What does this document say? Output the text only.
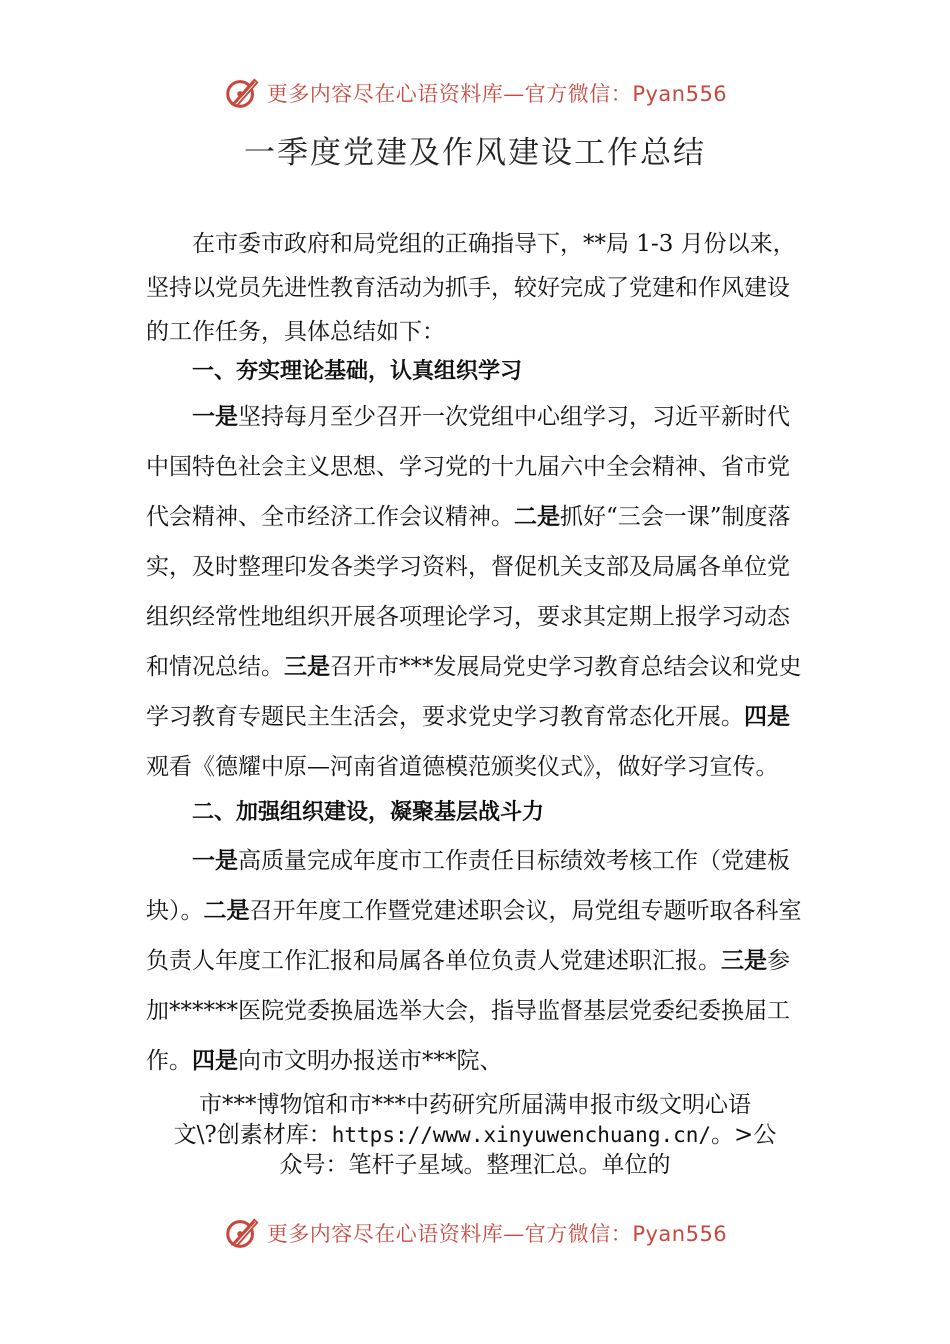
更多内容尽在心语资料库—官方微信：Pyan556
一季度党建及作风建设工作总结

在市委市政府和局党组的正确指导下，**局 1-3 月份以来，坚持以党员先进性教育活动为抓手，较好完成了党建和作风建设的工作任务，具体总结如下：

一、夯实理论基础，认真组织学习

一是坚持每月至少召开一次党组中心组学习，习近平新时代中国特色社会主义思想、学习党的十九届六中全会精神、省市党代会精神、全市经济工作会议精神。二是抓好“三会一课”制度落实，及时整理印发各类学习资料，督促机关支部及局属各单位党组织经常性地组织开展各项理论学习，要求其定期上报学习动态和情况总结。三是召开市***发展局党史学习教育总结会议和党史学习教育专题民主生活会，要求党史学习教育常态化开展。四是观看《德耀中原—河南省道德模范颁奖仪式》，做好学习宣传。

二、加强组织建设，凝聚基层战斗力

一是高质量完成年度市工作责任目标绩效考核工作（党建板块）。二是召开年度工作暨党建述职会议，局党组专题听取各科室负责人年度工作汇报和局属各单位负责人党建述职汇报。三是参加******医院党委换届选举大会，指导监督基层党委纪委换届工作。四是向市文明办报送市***院、

市***博物馆和市***中药研究所届满申报市级文明心语
文\?创素材库：https://www.xinyuwenchuang.cn/。>公
众号：笔杆子星域。整理汇总。单位的
更多内容尽在心语资料库—官方微信：Pyan556
